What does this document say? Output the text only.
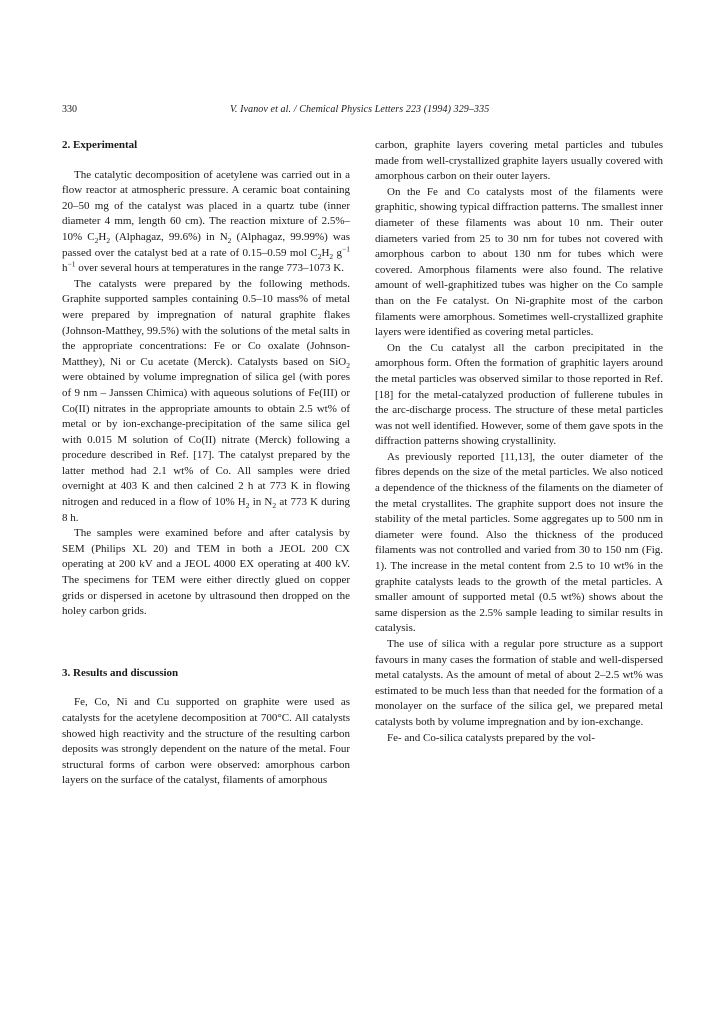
330	V. Ivanov et al. / Chemical Physics Letters 223 (1994) 329–335

2. Experimental

The catalytic decomposition of acetylene was carried out in a flow reactor at atmospheric pressure. A ceramic boat containing 20–50 mg of the catalyst was placed in a quartz tube (inner diameter 4 mm, length 60 cm). The reaction mixture of 2.5%–10% $C_2H_2$ (Alphagaz, 99.6%) in $N_2$ (Alphagaz, 99.99%) was passed over the catalyst bed at a rate of 0.15–0.59 mol $C_2H_2$ $g^{-1}$ $h^{-1}$ over several hours at temperatures in the range 773–1073 K.

The catalysts were prepared by the following methods. Graphite supported samples containing 0.5–10 mass% of metal were prepared by impregnation of natural graphite flakes (Johnson-Matthey, 99.5%) with the solutions of the metal salts in the appropriate concentrations: Fe or Co oxalate (Johnson-Matthey), Ni or Cu acetate (Merck). Catalysts based on SiO$_2$ were obtained by volume impregnation of silica gel (with pores of 9 nm – Janssen Chimica) with aqueous solutions of Fe(III) or Co(II) nitrates in the appropriate amounts to obtain 2.5 wt% of metal or by ion-exchange-precipitation of the same silica gel with 0.015 M solution of Co(II) nitrate (Merck) following a procedure described in Ref. [17]. The catalyst prepared by the latter method had 2.1 wt% of Co. All samples were dried overnight at 403 K and then calcined 2 h at 773 K in flowing nitrogen and reduced in a flow of 10% $H_2$ in $N_2$ at 773 K during 8 h.

The samples were examined before and after catalysis by SEM (Philips XL 20) and TEM in both a JEOL 200 CX operating at 200 kV and a JEOL 4000 EX operating at 400 kV. The specimens for TEM were either directly glued on copper grids or dispersed in acetone by ultrasound then dropped on the holey carbon grids.

3. Results and discussion

Fe, Co, Ni and Cu supported on graphite were used as catalysts for the acetylene decomposition at 700°C. All catalysts showed high reactivity and the structure of the resulting carbon deposits was strongly dependent on the nature of the metal. Four structural forms of carbon were observed: amorphous carbon layers on the surface of the catalyst, filaments of amorphous

carbon, graphite layers covering metal particles and tubules made from well-crystallized graphite layers usually covered with amorphous carbon on their outer layers.

On the Fe and Co catalysts most of the filaments were graphitic, showing typical diffraction patterns. The smallest inner diameter of these filaments was about 10 nm. Their outer diameters varied from 25 to 30 nm for tubes not covered with amorphous carbon to about 130 nm for tubes which were covered. Amorphous filaments were also found. The relative amount of well-graphitized tubes was higher on the Co sample than on the Fe catalyst. On Ni-graphite most of the carbon filaments were amorphous. Sometimes well-crystallized graphite layers were identified as covering metal particles.

On the Cu catalyst all the carbon precipitated in the amorphous form. Often the formation of graphitic layers around the metal particles was observed similar to those reported in Ref. [18] for the metal-catalyzed production of fullerene tubules in the arc-discharge process. The structure of these metal particles was not well identified. However, some of them gave spots in the diffraction patterns showing crystallinity.

As previously reported [11,13], the outer diameter of the fibres depends on the size of the metal particles. We also noticed a dependence of the thickness of the filaments on the diameter of the metal crystallites. The graphite support does not insure the stability of the metal particles. Some aggregates up to 500 nm in diameter were found. Also the thickness of the produced filaments was not controlled and varied from 30 to 150 nm (Fig. 1). The increase in the metal content from 2.5 to 10 wt% in the graphite catalysts leads to the growth of the metal particles. A smaller amount of supported metal (0.5 wt%) shows about the same dispersion as the 2.5% sample leading to similar results in catalysis.

The use of silica with a regular pore structure as a support favours in many cases the formation of stable and well-dispersed metal catalysts. As the amount of metal of about 2–2.5 wt% was estimated to be much less than that needed for the formation of a monolayer on the surface of the silica gel, we prepared metal catalysts both by volume impregnation and by ion-exchange.

Fe- and Co-silica catalysts prepared by the vol-
